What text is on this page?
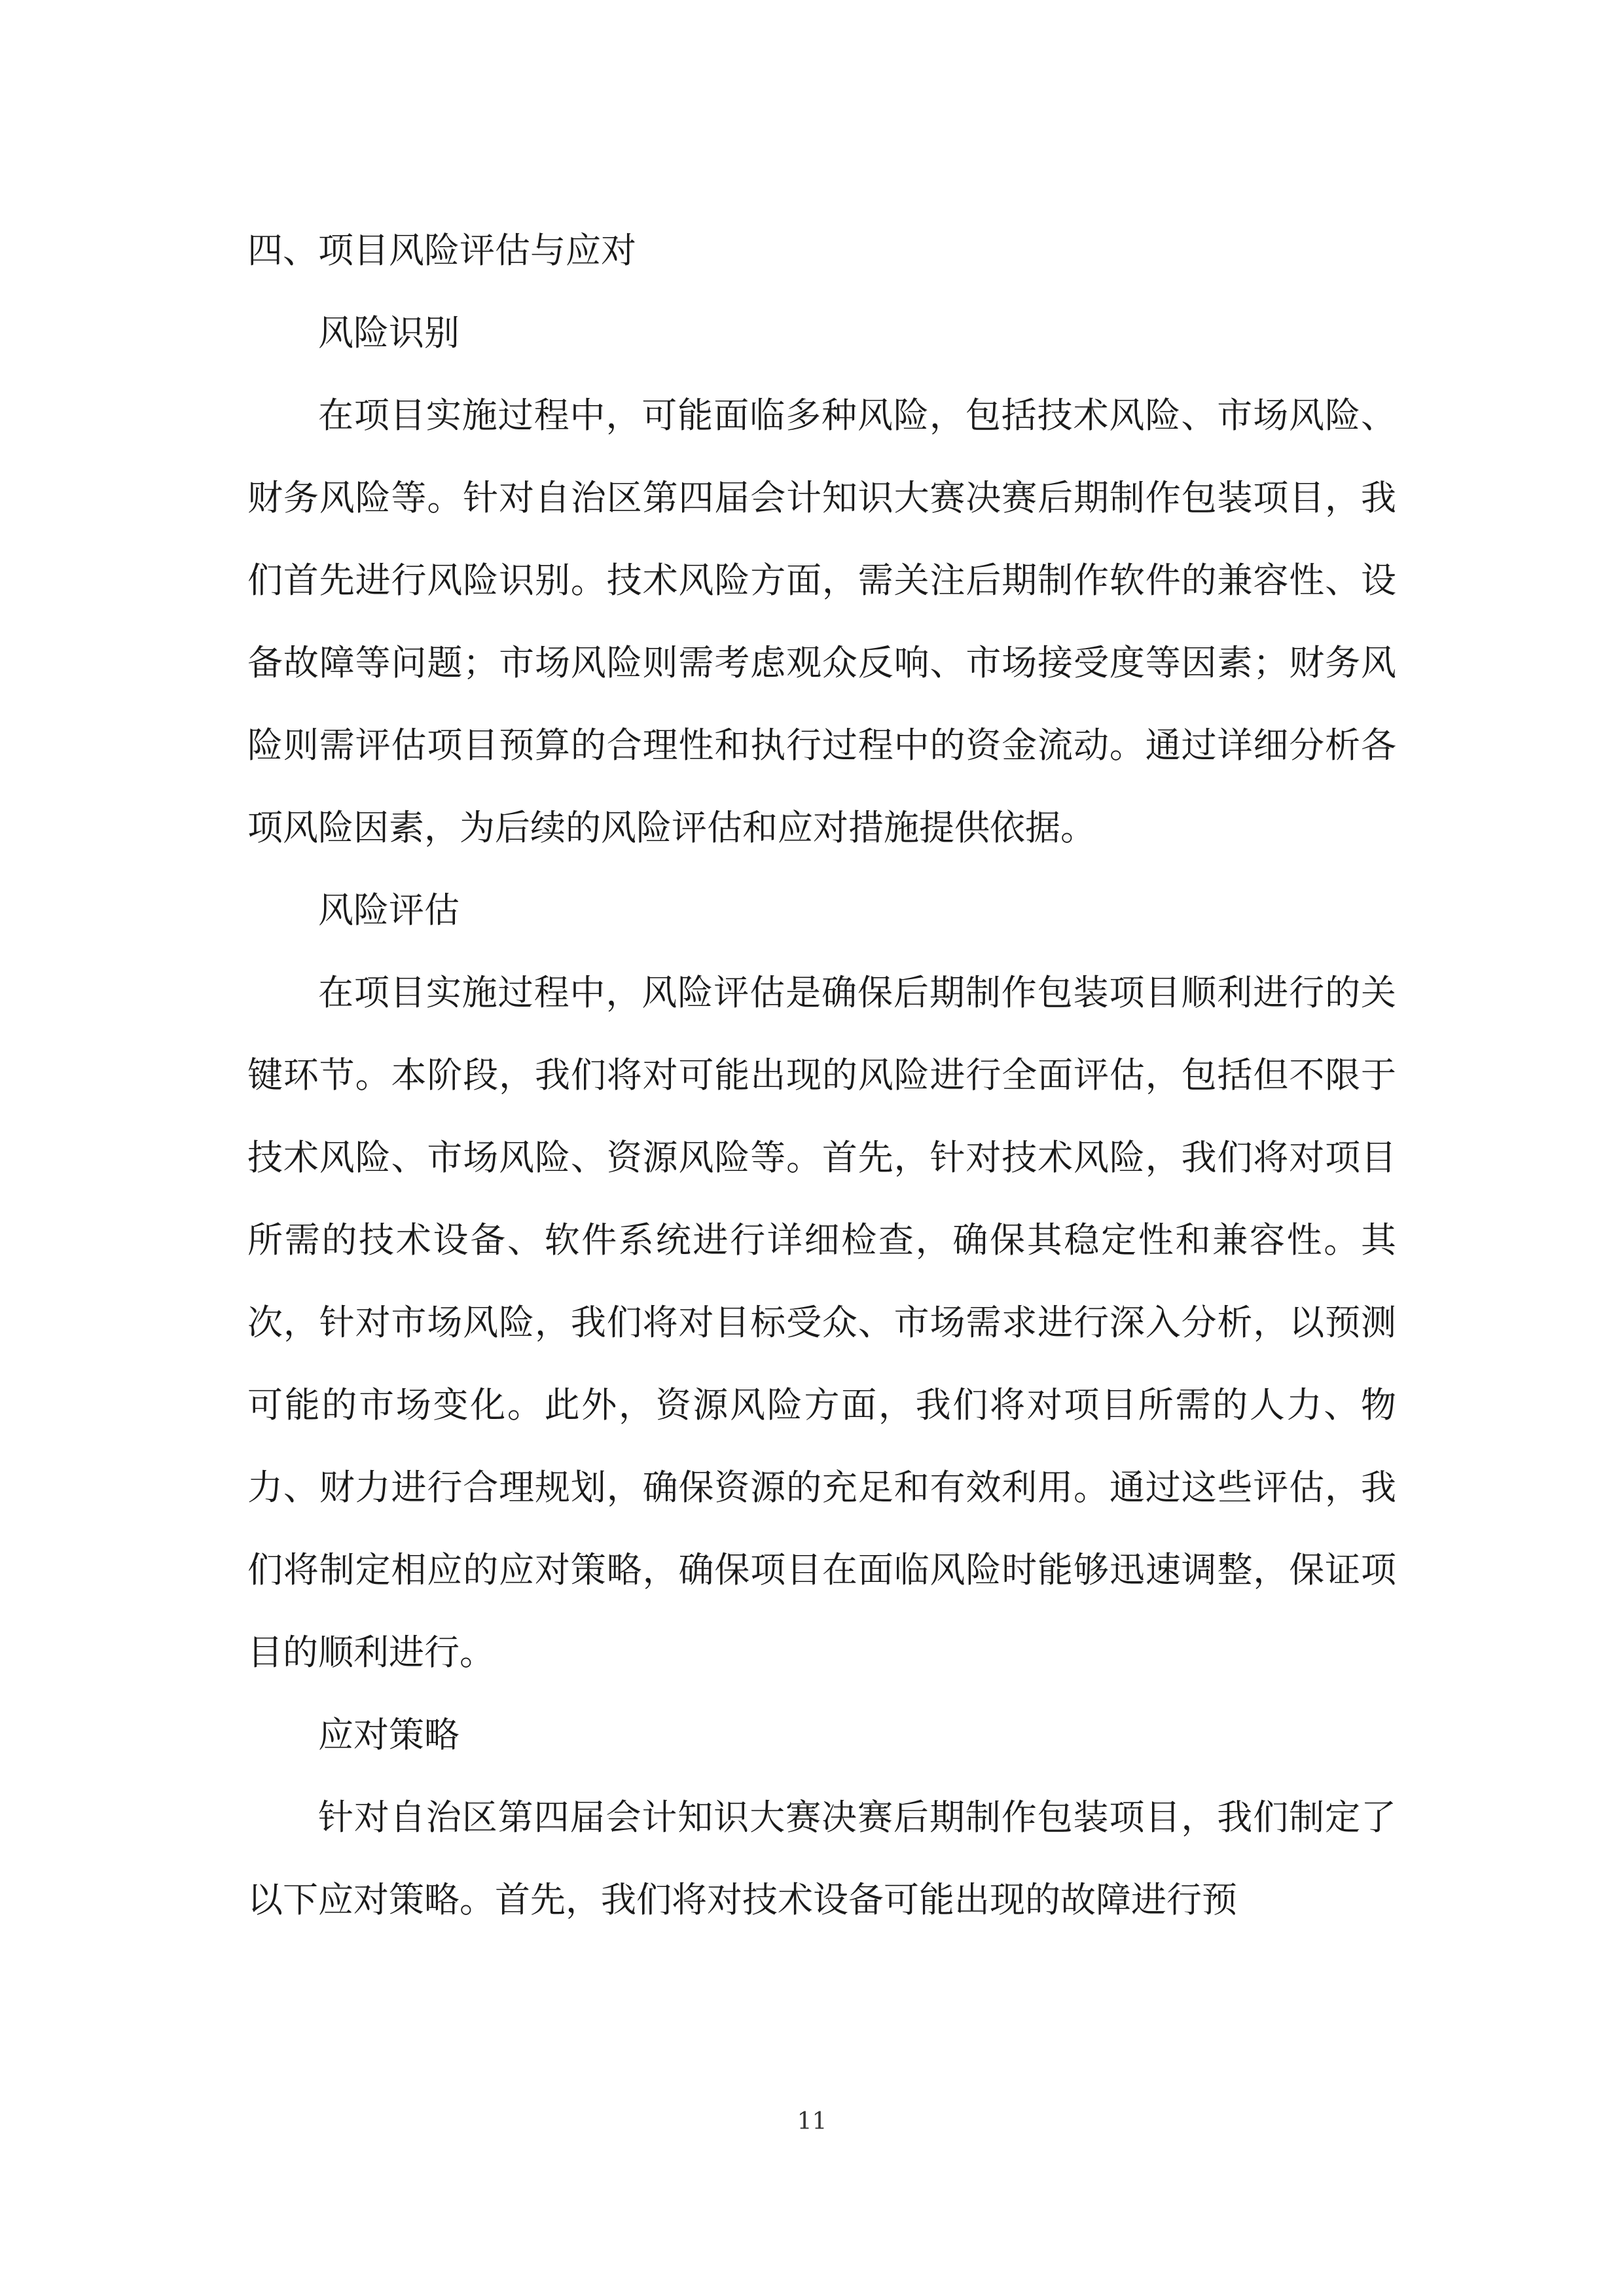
四、项目风险评估与应对

风险识别

在项目实施过程中，可能面临多种风险，包括技术风险、市场风险、财务风险等。针对自治区第四届会计知识大赛决赛后期制作包装项目，我们首先进行风险识别。技术风险方面，需关注后期制作软件的兼容性、设备故障等问题；市场风险则需考虑观众反响、市场接受度等因素；财务风险则需评估项目预算的合理性和执行过程中的资金流动。通过详细分析各项风险因素，为后续的风险评估和应对措施提供依据。

风险评估

在项目实施过程中，风险评估是确保后期制作包装项目顺利进行的关键环节。本阶段，我们将对可能出现的风险进行全面评估，包括但不限于技术风险、市场风险、资源风险等。首先，针对技术风险，我们将对项目所需的技术设备、软件系统进行详细检查，确保其稳定性和兼容性。其次，针对市场风险，我们将对目标受众、市场需求进行深入分析，以预测可能的市场变化。此外，资源风险方面，我们将对项目所需的人力、物力、财力进行合理规划，确保资源的充足和有效利用。通过这些评估，我们将制定相应的应对策略，确保项目在面临风险时能够迅速调整，保证项目的顺利进行。

应对策略

针对自治区第四届会计知识大赛决赛后期制作包装项目，我们制定了以下应对策略。首先，我们将对技术设备可能出现的故障进行预

11
